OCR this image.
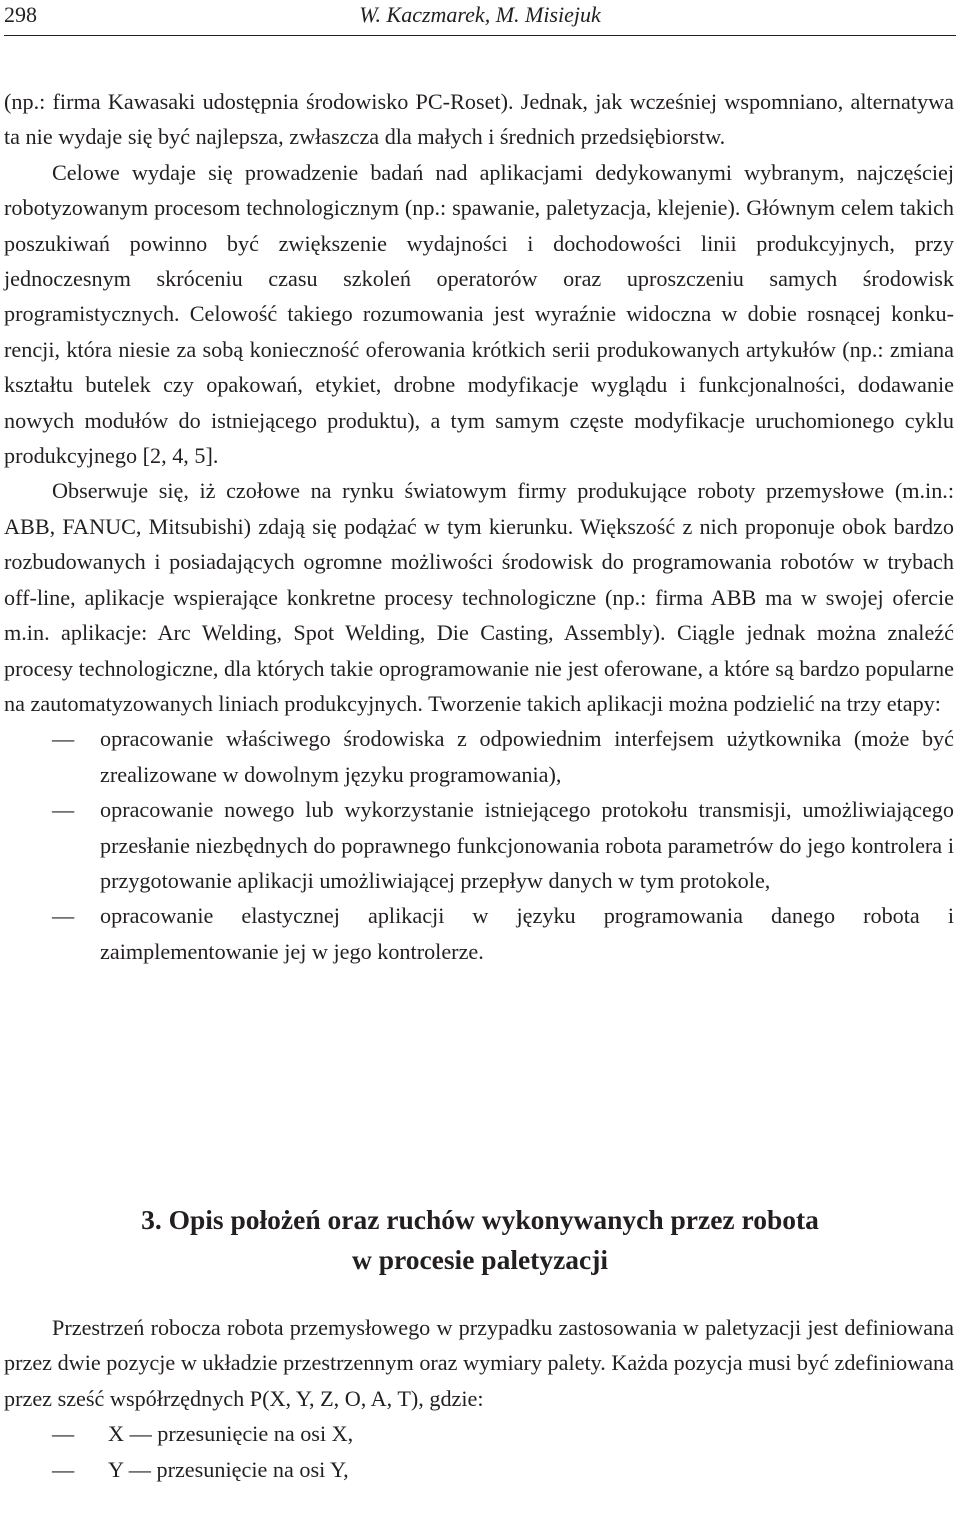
298	W. Kaczmarek, M. Misiejuk

(np.: firma Kawasaki udostępnia środowisko PC-Roset). Jednak, jak wcześniej wspomniano, alternatywa ta nie wydaje się być najlepsza, zwłaszcza dla małych i średnich przedsiębiorstw.

Celowe wydaje się prowadzenie badań nad aplikacjami dedykowanymi wybranym, najczęściej robotyzowanym procesom technologicznym (np.: spawanie, paletyzacja, klejenie). Głównym celem takich poszukiwań powinno być zwiększenie wydajności i dochodowości linii produkcyjnych, przy jednoczesnym skróceniu czasu szkoleń operatorów oraz uproszczeniu samych środowisk programistycznych. Celowość takiego rozumowania jest wyraźnie widoczna w dobie rosnącej konkurencji, która niesie za sobą konieczność oferowania krótkich serii produkowanych artykułów (np.: zmiana kształtu butelek czy opakowań, etykiet, drobne modyfikacje wyglądu i funkcjonalności, dodawanie nowych modułów do istniejącego produktu), a tym samym częste modyfikacje uruchomionego cyklu produkcyjnego [2, 4, 5].

Obserwuje się, iż czołowe na rynku światowym firmy produkujące roboty przemysłowe (m.in.: ABB, FANUC, Mitsubishi) zdają się podążać w tym kierunku. Większość z nich proponuje obok bardzo rozbudowanych i posiadających ogromne możliwości środowisk do programowania robotów w trybach off-line, aplikacje wspierające konkretne procesy technologiczne (np.: firma ABB ma w swojej ofercie m.in. aplikacje: Arc Welding, Spot Welding, Die Casting, Assembly). Ciągle jednak można znaleźć procesy technologiczne, dla których takie oprogramowanie nie jest oferowane, a które są bardzo popularne na zautomatyzowanych liniach produkcyjnych. Tworzenie takich aplikacji można podzielić na trzy etapy:

— opracowanie właściwego środowiska z odpowiednim interfejsem użytkownika (może być zrealizowane w dowolnym języku programowania),
— opracowanie nowego lub wykorzystanie istniejącego protokołu transmisji, umożliwiającego przesłanie niezbędnych do poprawnego funkcjonowania robota parametrów do jego kontrolera i przygotowanie aplikacji umożliwiającej przepływ danych w tym protokole,
— opracowanie elastycznej aplikacji w języku programowania danego robota i zaimplementowanie jej w jego kontrolerze.
3. Opis położeń oraz ruchów wykonywanych przez robota
w procesie paletyzacji

Przestrzeń robocza robota przemysłowego w przypadku zastosowania w paletyzacji jest definiowana przez dwie pozycje w układzie przestrzennym oraz wymiary palety. Każda pozycja musi być zdefiniowana przez sześć współrzędnych P(X, Y, Z, O, A, T), gdzie:

— X — przesunięcie na osi X,
— Y — przesunięcie na osi Y,
